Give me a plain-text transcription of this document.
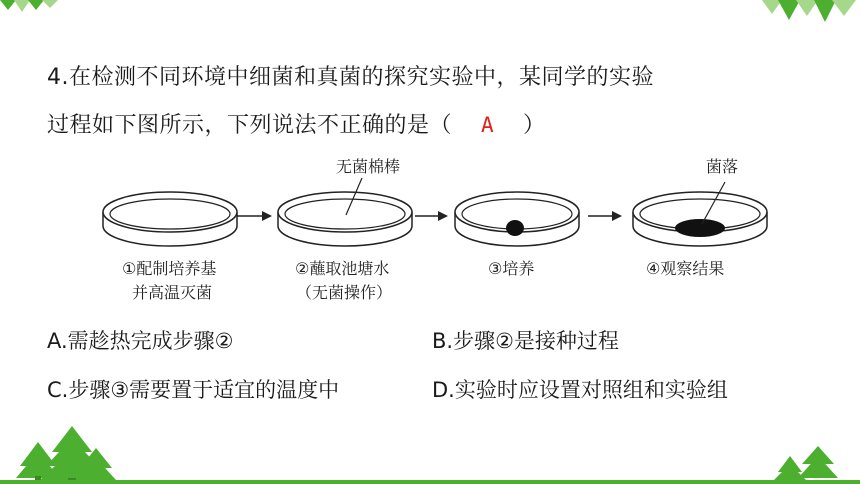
4.在检测不同环境中细菌和真菌的探究实验中，某同学的实验
过程如下图所示，下列说法不正确的是（ A ）
无菌棉棒	菌落
①配制培养基
并高温灭菌
②蘸取池塘水
（无菌操作）
③培养	④观察结果
A.需趁热完成步骤②	B.步骤②是接种过程
C.步骤③需要置于适宜的温度中	D.实验时应设置对照组和实验组
